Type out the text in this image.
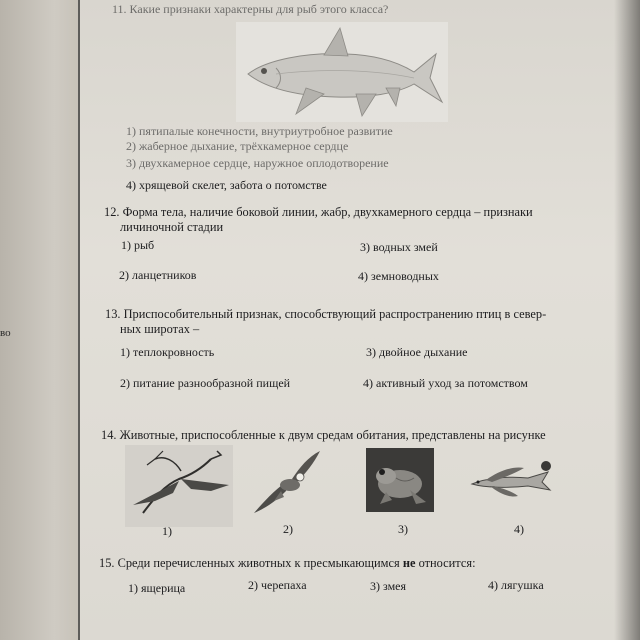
во
11. Какие признаки характерны для рыб этого класса?
1) пятипалые конечности, внутриутробное развитие
2) жаберное дыхание, трёхкамерное сердце
3) двухкамерное сердце, наружное оплодотворение
4) хрящевой скелет, забота о потомстве
12. Форма тела, наличие боковой линии, жабр, двухкамерного сердца – признаки
личиночной стадии
1) рыб
2) ланцетников
3) водных змей
4) земноводных
13. Приспособительный признак, способствующий распространению птиц в север-
ных широтах –
1) теплокровность
2) питание разнообразной пищей
3) двойное дыхание
4) активный уход за потомством
14. Животные, приспособленные к двум средам обитания, представлены на рисунке
1)	2)	3)	4)
15. Среди перечисленных животных к пресмыкающимся не относится:
1) ящерица	2) черепаха	3) змея	4) лягушка
